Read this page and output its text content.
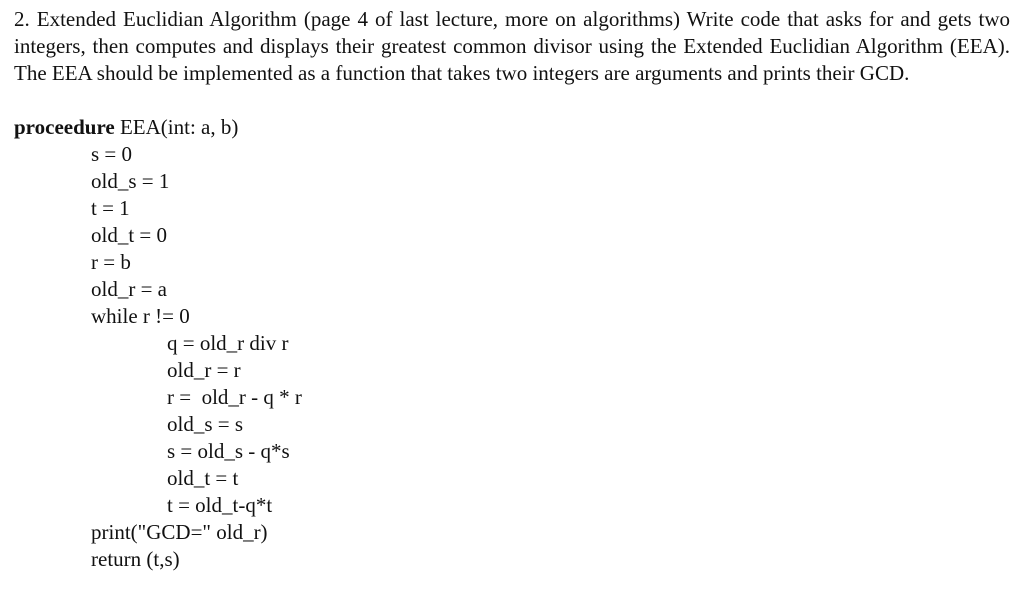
2. Extended Euclidian Algorithm (page 4 of last lecture, more on algorithms) Write code that asks for and gets two integers, then computes and displays their greatest common divisor using the Extended Euclidian Algorithm (EEA). The EEA should be implemented as a function that takes two integers are arguments and prints their GCD.

proceedure EEA(int: a, b)
s = 0
old_s = 1
t = 1
old_t = 0
r = b
old_r = a
while r != 0
q = old_r div r
old_r = r
r =  old_r - q * r
old_s = s
s = old_s - q*s
old_t = t
t = old_t-q*t
print("GCD=" old_r)
return (t,s)
